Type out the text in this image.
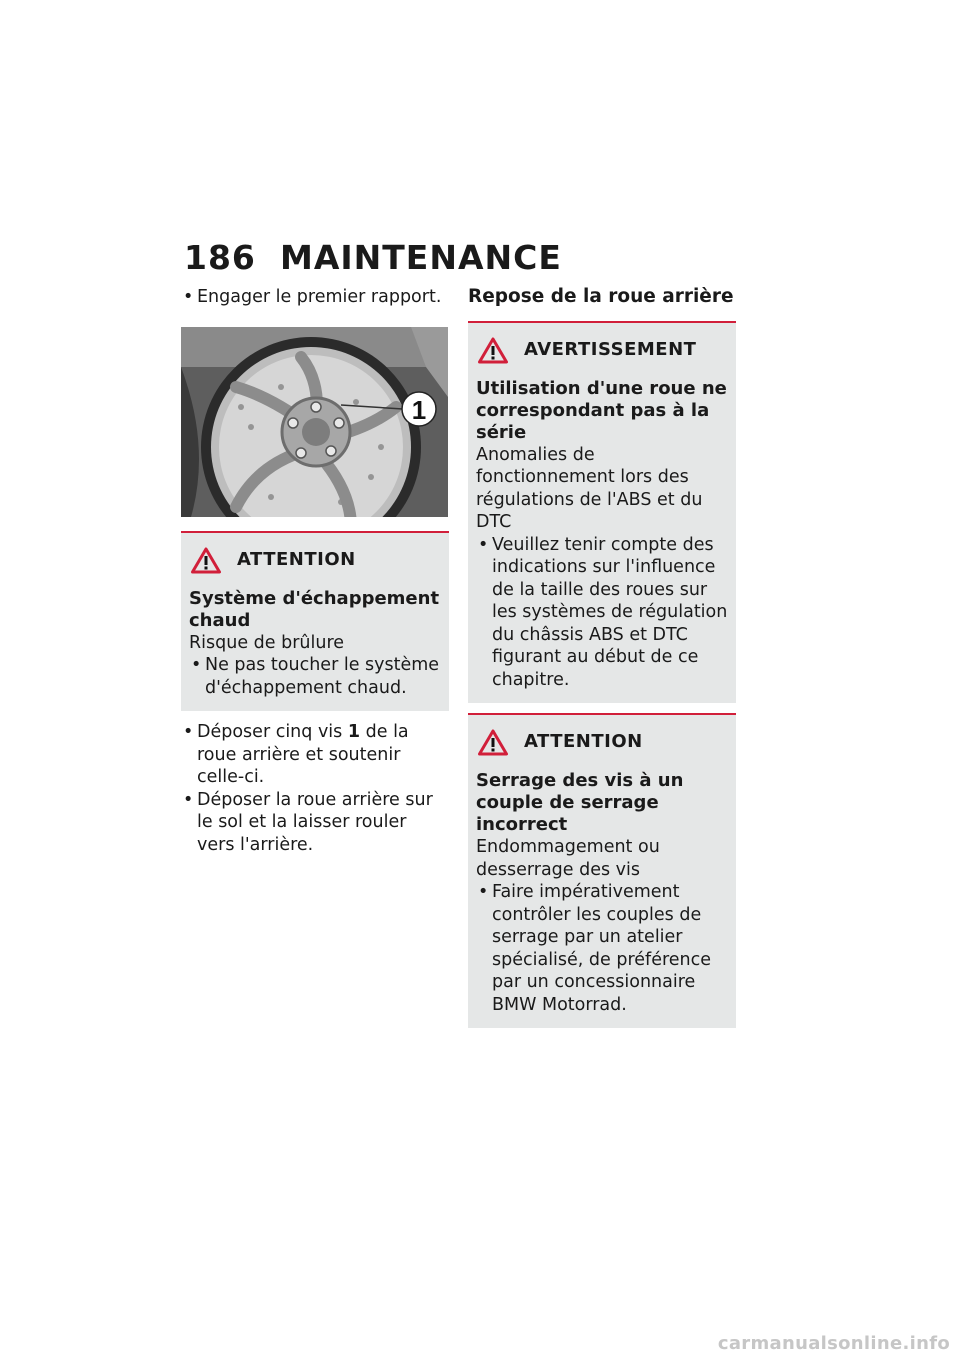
186 MAINTENANCE

• Engager le premier rapport.

1
ATTENTION

Système d'échappement chaud

Risque de brûlure

• Ne pas toucher le système d'échappement chaud.

• Déposer cinq vis 1 de la roue arrière et soutenir celle-ci.

• Déposer la roue arrière sur le sol et la laisser rouler vers l'arrière.

Repose de la roue arrière

AVERTISSEMENT

Utilisation d'une roue ne correspondant pas à la série

Anomalies de fonctionnement lors des régulations de l'ABS et du DTC

• Veuillez tenir compte des indications sur l'influence de la taille des roues sur les systèmes de régulation du châssis ABS et DTC figurant au début de ce chapitre.

ATTENTION

Serrage des vis à un couple de serrage incorrect

Endommagement ou desserrage des vis

• Faire impérativement contrôler les couples de serrage par un atelier spécialisé, de préférence par un concessionnaire BMW Motorrad.

carmanualsonline.info
